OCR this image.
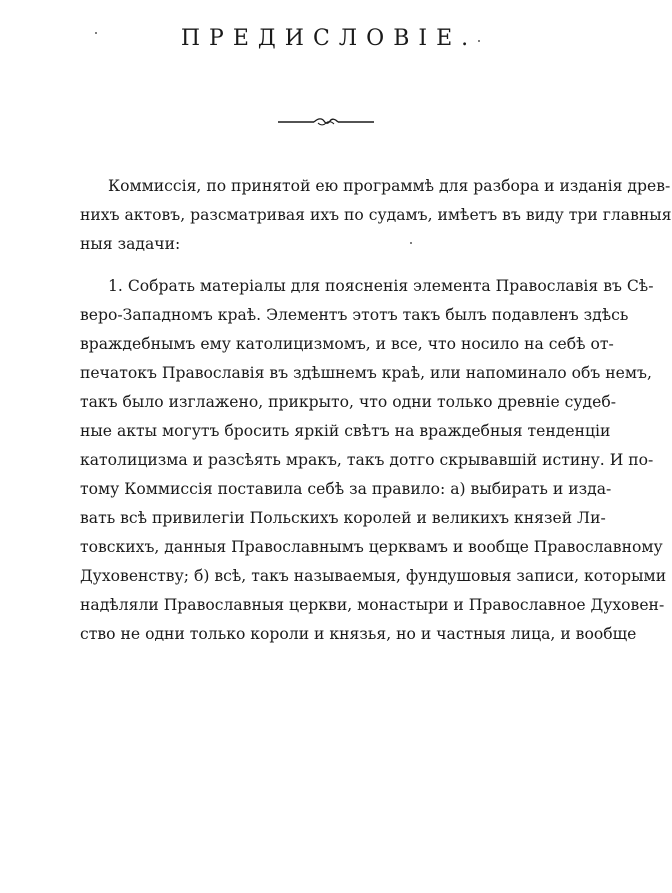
ПРЕДИСЛОВІЕ.

Коммиссія, по принятой ею программѣ для разбора и изданія древ-
нихъ актовъ, разсматривая ихъ по судамъ, имѣетъ въ виду три главныя
ныя задачи:

1. Собрать матеріалы для поясненія элемента Православія въ Сѣ-
веро-Западномъ краѣ. Элементъ этотъ такъ былъ подавленъ здѣсь
враждебнымъ ему католицизмомъ, и все, что носило на себѣ от-
печатокъ Православія въ здѣшнемъ краѣ, или напоминало объ немъ,
такъ было изглажено, прикрыто, что одни только древніе судеб-
ные акты могутъ бросить яркій свѣтъ на враждебныя тенденціи
католицизма и разсѣять мракъ, такъ дотго скрывавшій истину. И по-
тому Коммиссія поставила себѣ за правило: а) выбирать и изда-
вать всѣ привилегіи Польскихъ королей и великихъ князей Ли-
товскихъ, данныя Православнымъ церквамъ и вообще Православному
Духовенству; б) всѣ, такъ называемыя, фундушовыя записи, которыми
надѣляли Православныя церкви, монастыри и Православное Духовен-
ство не одни только короли и князья, но и частныя лица, и вообще
